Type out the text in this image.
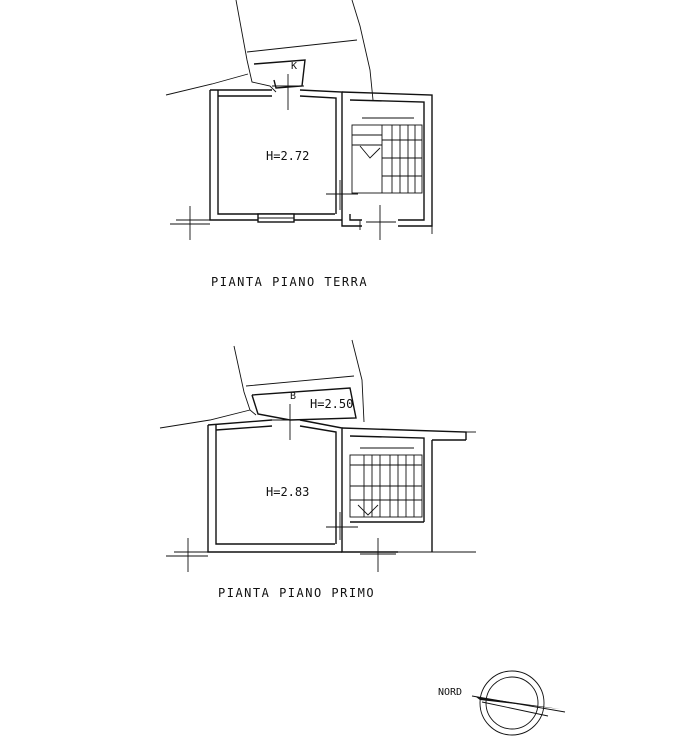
K
H=2.72
PIANTA PIANO TERRA
B
H=2.50
H=2.83
PIANTA PIANO PRIMO
NORD
